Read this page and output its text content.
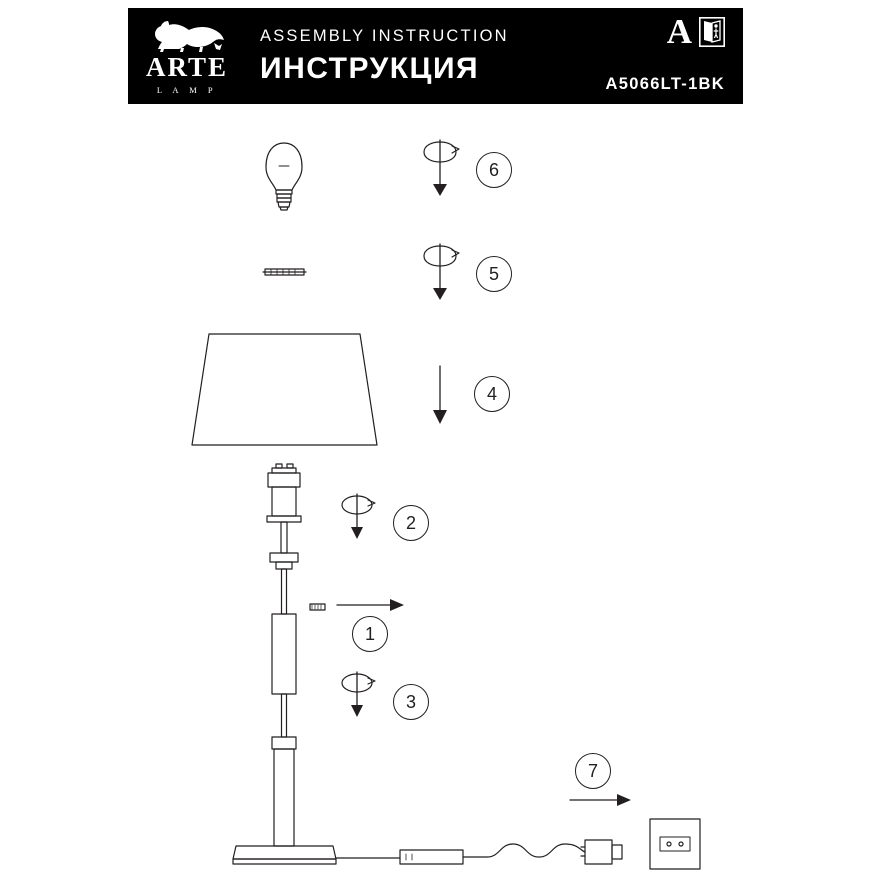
ARTE
L A M P
ASSEMBLY INSTRUCTION
ИНСТРУКЦИЯ
A
A5066LT-1BK
6
5
4
2
1
3
7
